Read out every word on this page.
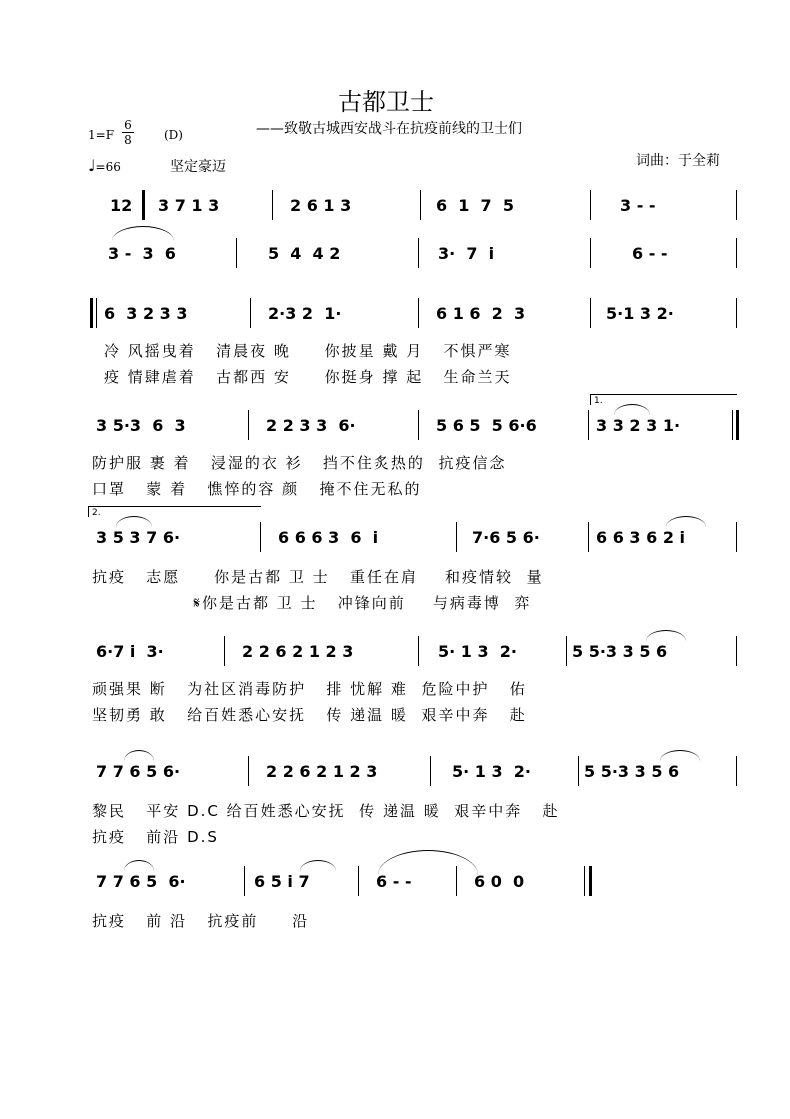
古都卫士
——致敬古城西安战斗在抗疫前线的卫士们
1=F
6
8	(D)
♩=66	坚定豪迈	词曲：于全莉
12 3 7 1 3	2 6 1 3	6  1  7  5	3 - -
3 -  3  6	5  4  4 2	3·  7  i	6 - -
6  3 2 3 3	2·3 2  1·	6 1 6  2  3	5·1 3 2·
冷 风摇曳着   清晨夜 晚     你披星 戴 月   不惧严寒
疫 情肆虐着   古都西 安     你挺身 撑 起   生命兰天
1.
3 5·3  6  3	2 2 3 3  6·	5 6 5  5 6·6	3 3 2 3 1·
防护服 裹 着   浸湿的衣 衫   挡不住炙热的  抗疫信念
口罩   蒙 着   憔悴的容 颜   掩不住无私的
2.
3 5 3 7 6·	6 6 6 3  6  i	7·6 5 6·	6 6 3 6 2 i
抗疫   志愿     你是古都 卫 士   重任在肩    和疫情较  量
𝄋你是古都 卫 士   冲锋向前    与病毒博  弈
6·7 i  3·	2 2 6 2 1 2 3	5· 1 3  2·	5 5·3 3 5 6
顽强果 断   为社区消毒防护   排 忧解 难  危险中护   佑
坚韧勇 敢   给百姓悉心安抚   传 递温 暖  艰辛中奔   赴
7 7 6 5 6·	2 2 6 2 1 2 3	5· 1 3  2·	5 5·3 3 5 6
黎民   平安 D.C 给百姓悉心安抚  传 递温 暖  艰辛中奔   赴
抗疫   前沿 D.S
7 7 6 5  6·	6 5 i 7	6 - -	6 0  0
抗疫   前 沿   抗疫前     沿
